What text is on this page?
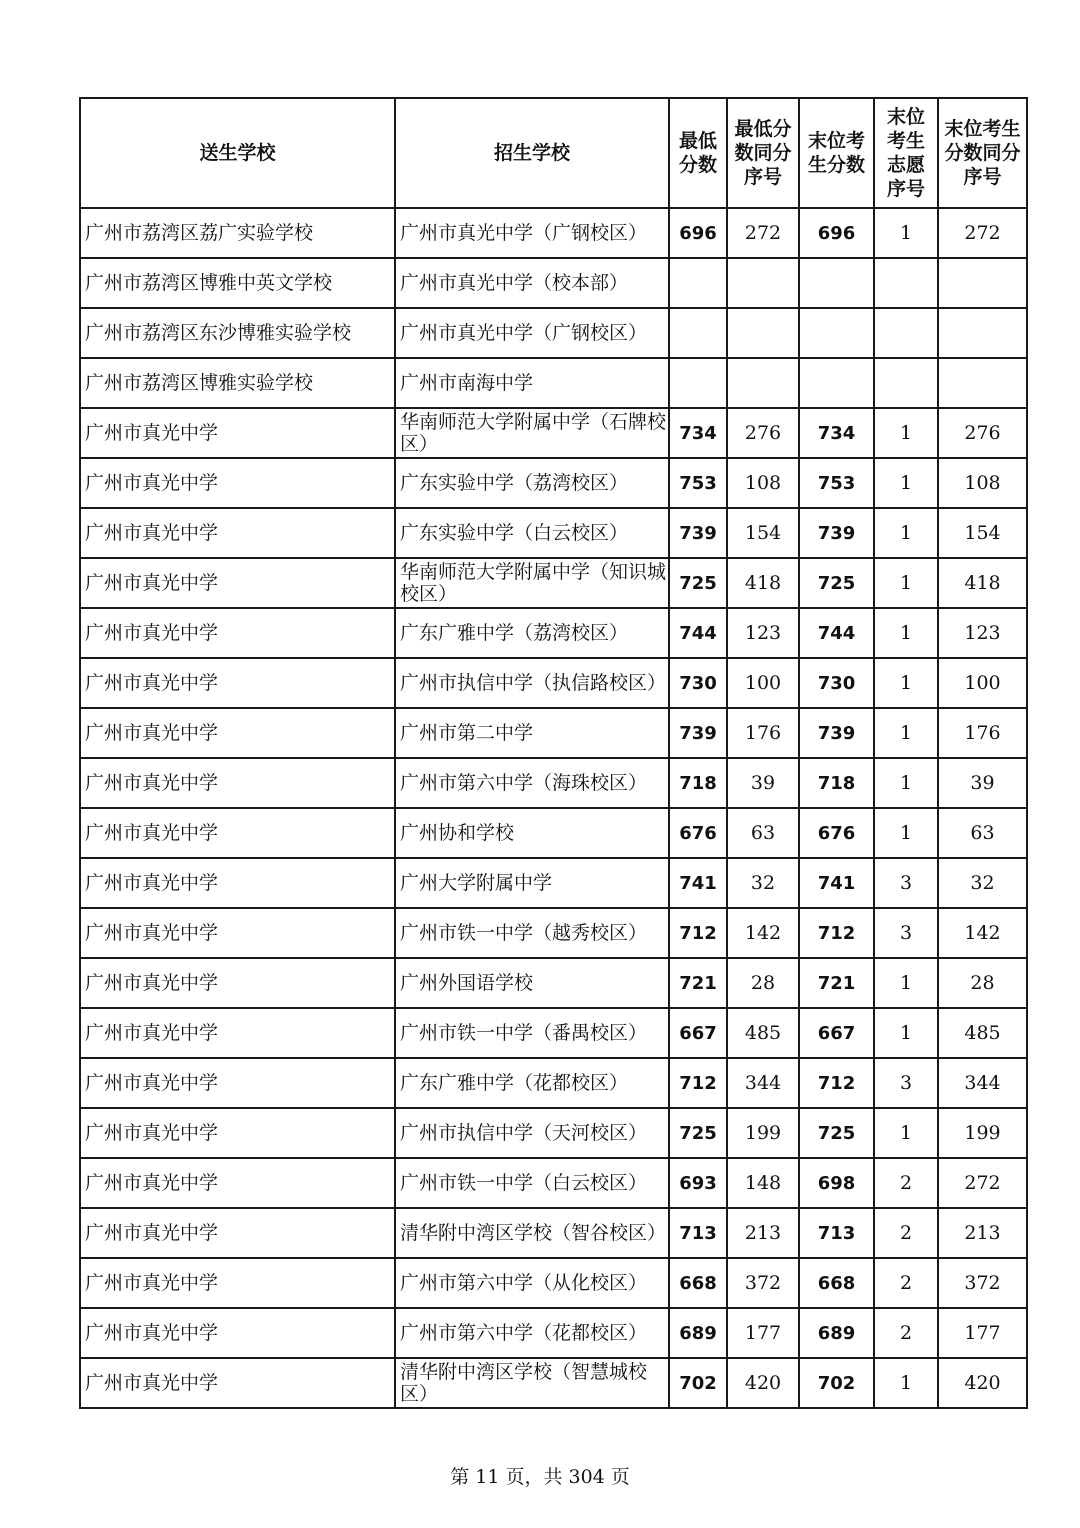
送生学校	招生学校	最低分数	最低分数同分序号	末位考生分数	末位考生志愿序号	末位考生分数同分序号
广州市荔湾区荔广实验学校	广州市真光中学（广钢校区）	696	272	696	1	272
广州市荔湾区博雅中英文学校	广州市真光中学（校本部）					
广州市荔湾区东沙博雅实验学校	广州市真光中学（广钢校区）					
广州市荔湾区博雅实验学校	广州市南海中学					
广州市真光中学	华南师范大学附属中学（石牌校区）	734	276	734	1	276
广州市真光中学	广东实验中学（荔湾校区）	753	108	753	1	108
广州市真光中学	广东实验中学（白云校区）	739	154	739	1	154
广州市真光中学	华南师范大学附属中学（知识城校区）	725	418	725	1	418
广州市真光中学	广东广雅中学（荔湾校区）	744	123	744	1	123
广州市真光中学	广州市执信中学（执信路校区）	730	100	730	1	100
广州市真光中学	广州市第二中学	739	176	739	1	176
广州市真光中学	广州市第六中学（海珠校区）	718	39	718	1	39
广州市真光中学	广州协和学校	676	63	676	1	63
广州市真光中学	广州大学附属中学	741	32	741	3	32
广州市真光中学	广州市铁一中学（越秀校区）	712	142	712	3	142
广州市真光中学	广州外国语学校	721	28	721	1	28
广州市真光中学	广州市铁一中学（番禺校区）	667	485	667	1	485
广州市真光中学	广东广雅中学（花都校区）	712	344	712	3	344
广州市真光中学	广州市执信中学（天河校区）	725	199	725	1	199
广州市真光中学	广州市铁一中学（白云校区）	693	148	698	2	272
广州市真光中学	清华附中湾区学校（智谷校区）	713	213	713	2	213
广州市真光中学	广州市第六中学（从化校区）	668	372	668	2	372
广州市真光中学	广州市第六中学（花都校区）	689	177	689	2	177
广州市真光中学	清华附中湾区学校（智慧城校区）	702	420	702	1	420
第 11 页，共 304 页
